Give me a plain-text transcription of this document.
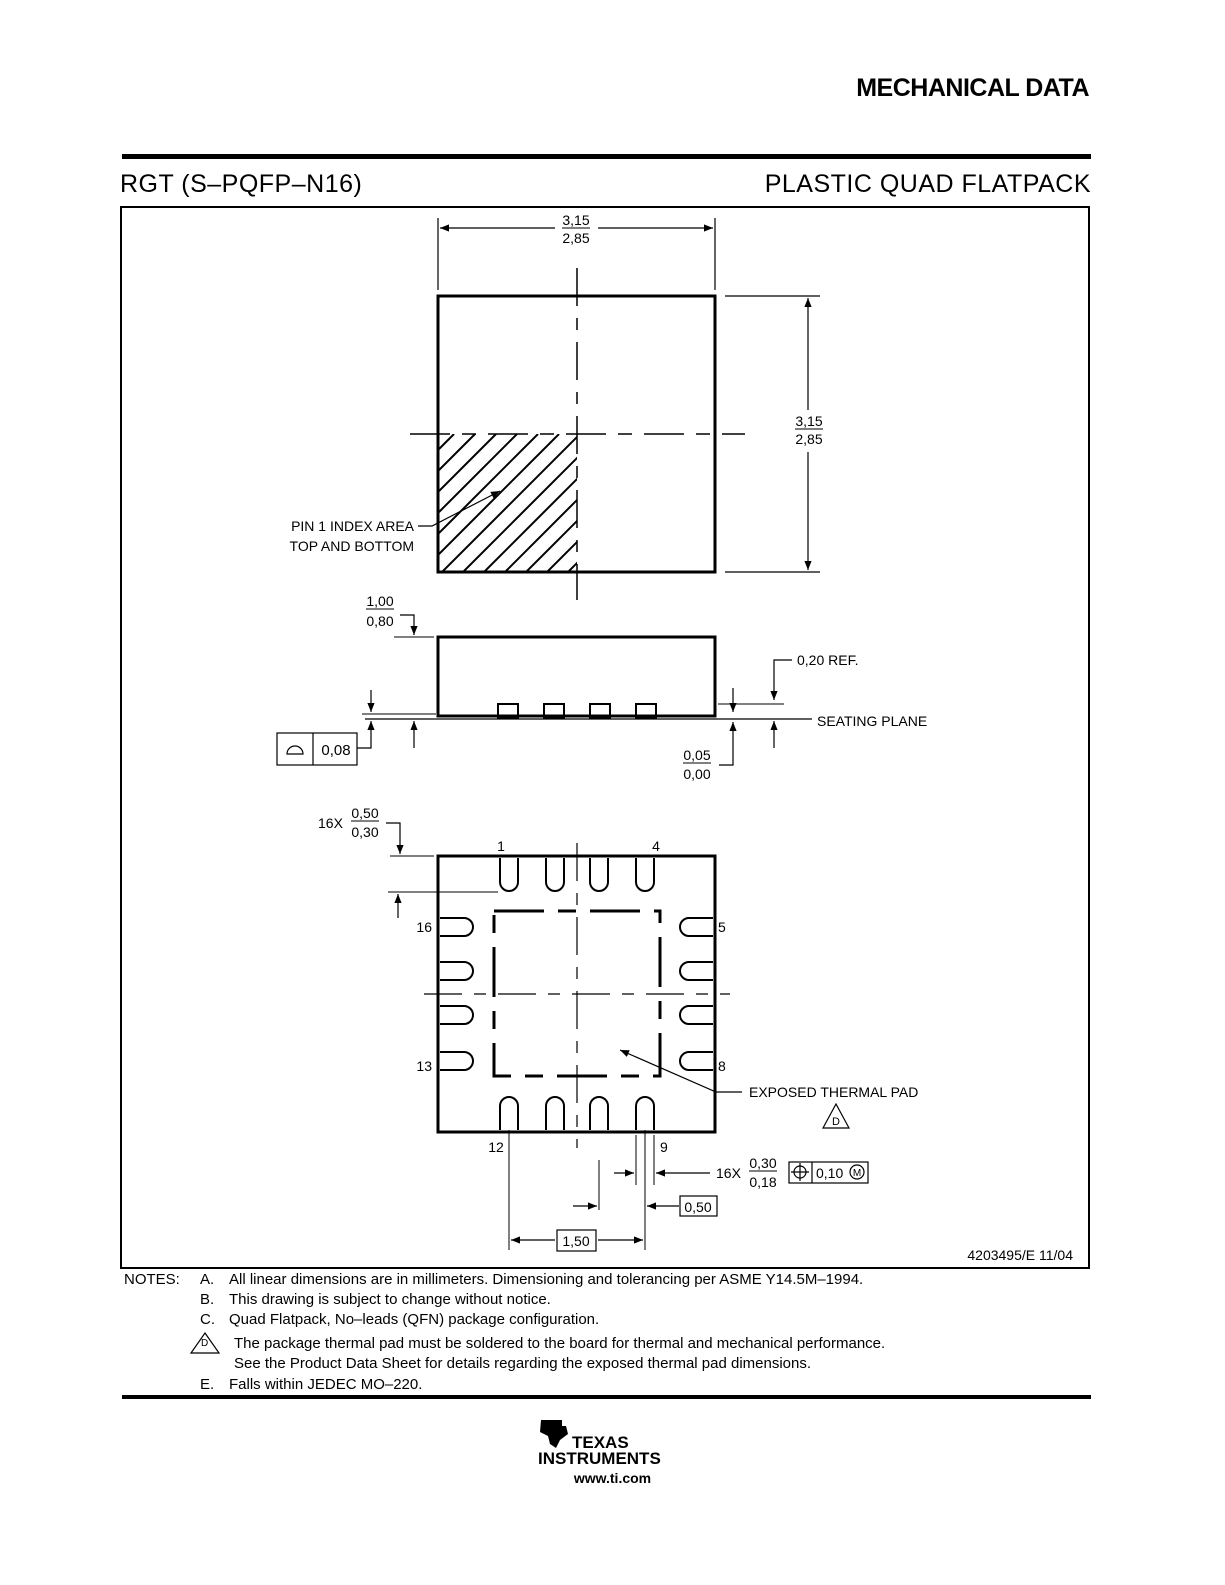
MECHANICAL DATA
RGT (S–PQFP–N16)	PLASTIC QUAD FLATPACK
3,15
2,85
3,15
2,85
PIN 1 INDEX AREA
TOP AND BOTTOM
1,00
0,80
0,08
0,20 REF.
SEATING PLANE
0,05
0,00
1	4
5
8
9
12
13
16
16X
0,50
0,30
EXPOSED THERMAL PAD
D
16X
0,30
0,18
0,10 M
0,50
1,50
4203495/E 11/04
NOTES: A. All linear dimensions are in millimeters. Dimensioning and tolerancing per ASME Y14.5M–1994.
B. This drawing is subject to change without notice.
C. Quad Flatpack, No–leads (QFN) package configuration.
D The package thermal pad must be soldered to the board for thermal and mechanical performance.
See the Product Data Sheet for details regarding the exposed thermal pad dimensions.
E. Falls within JEDEC MO–220.
TEXAS
INSTRUMENTS
www.ti.com
